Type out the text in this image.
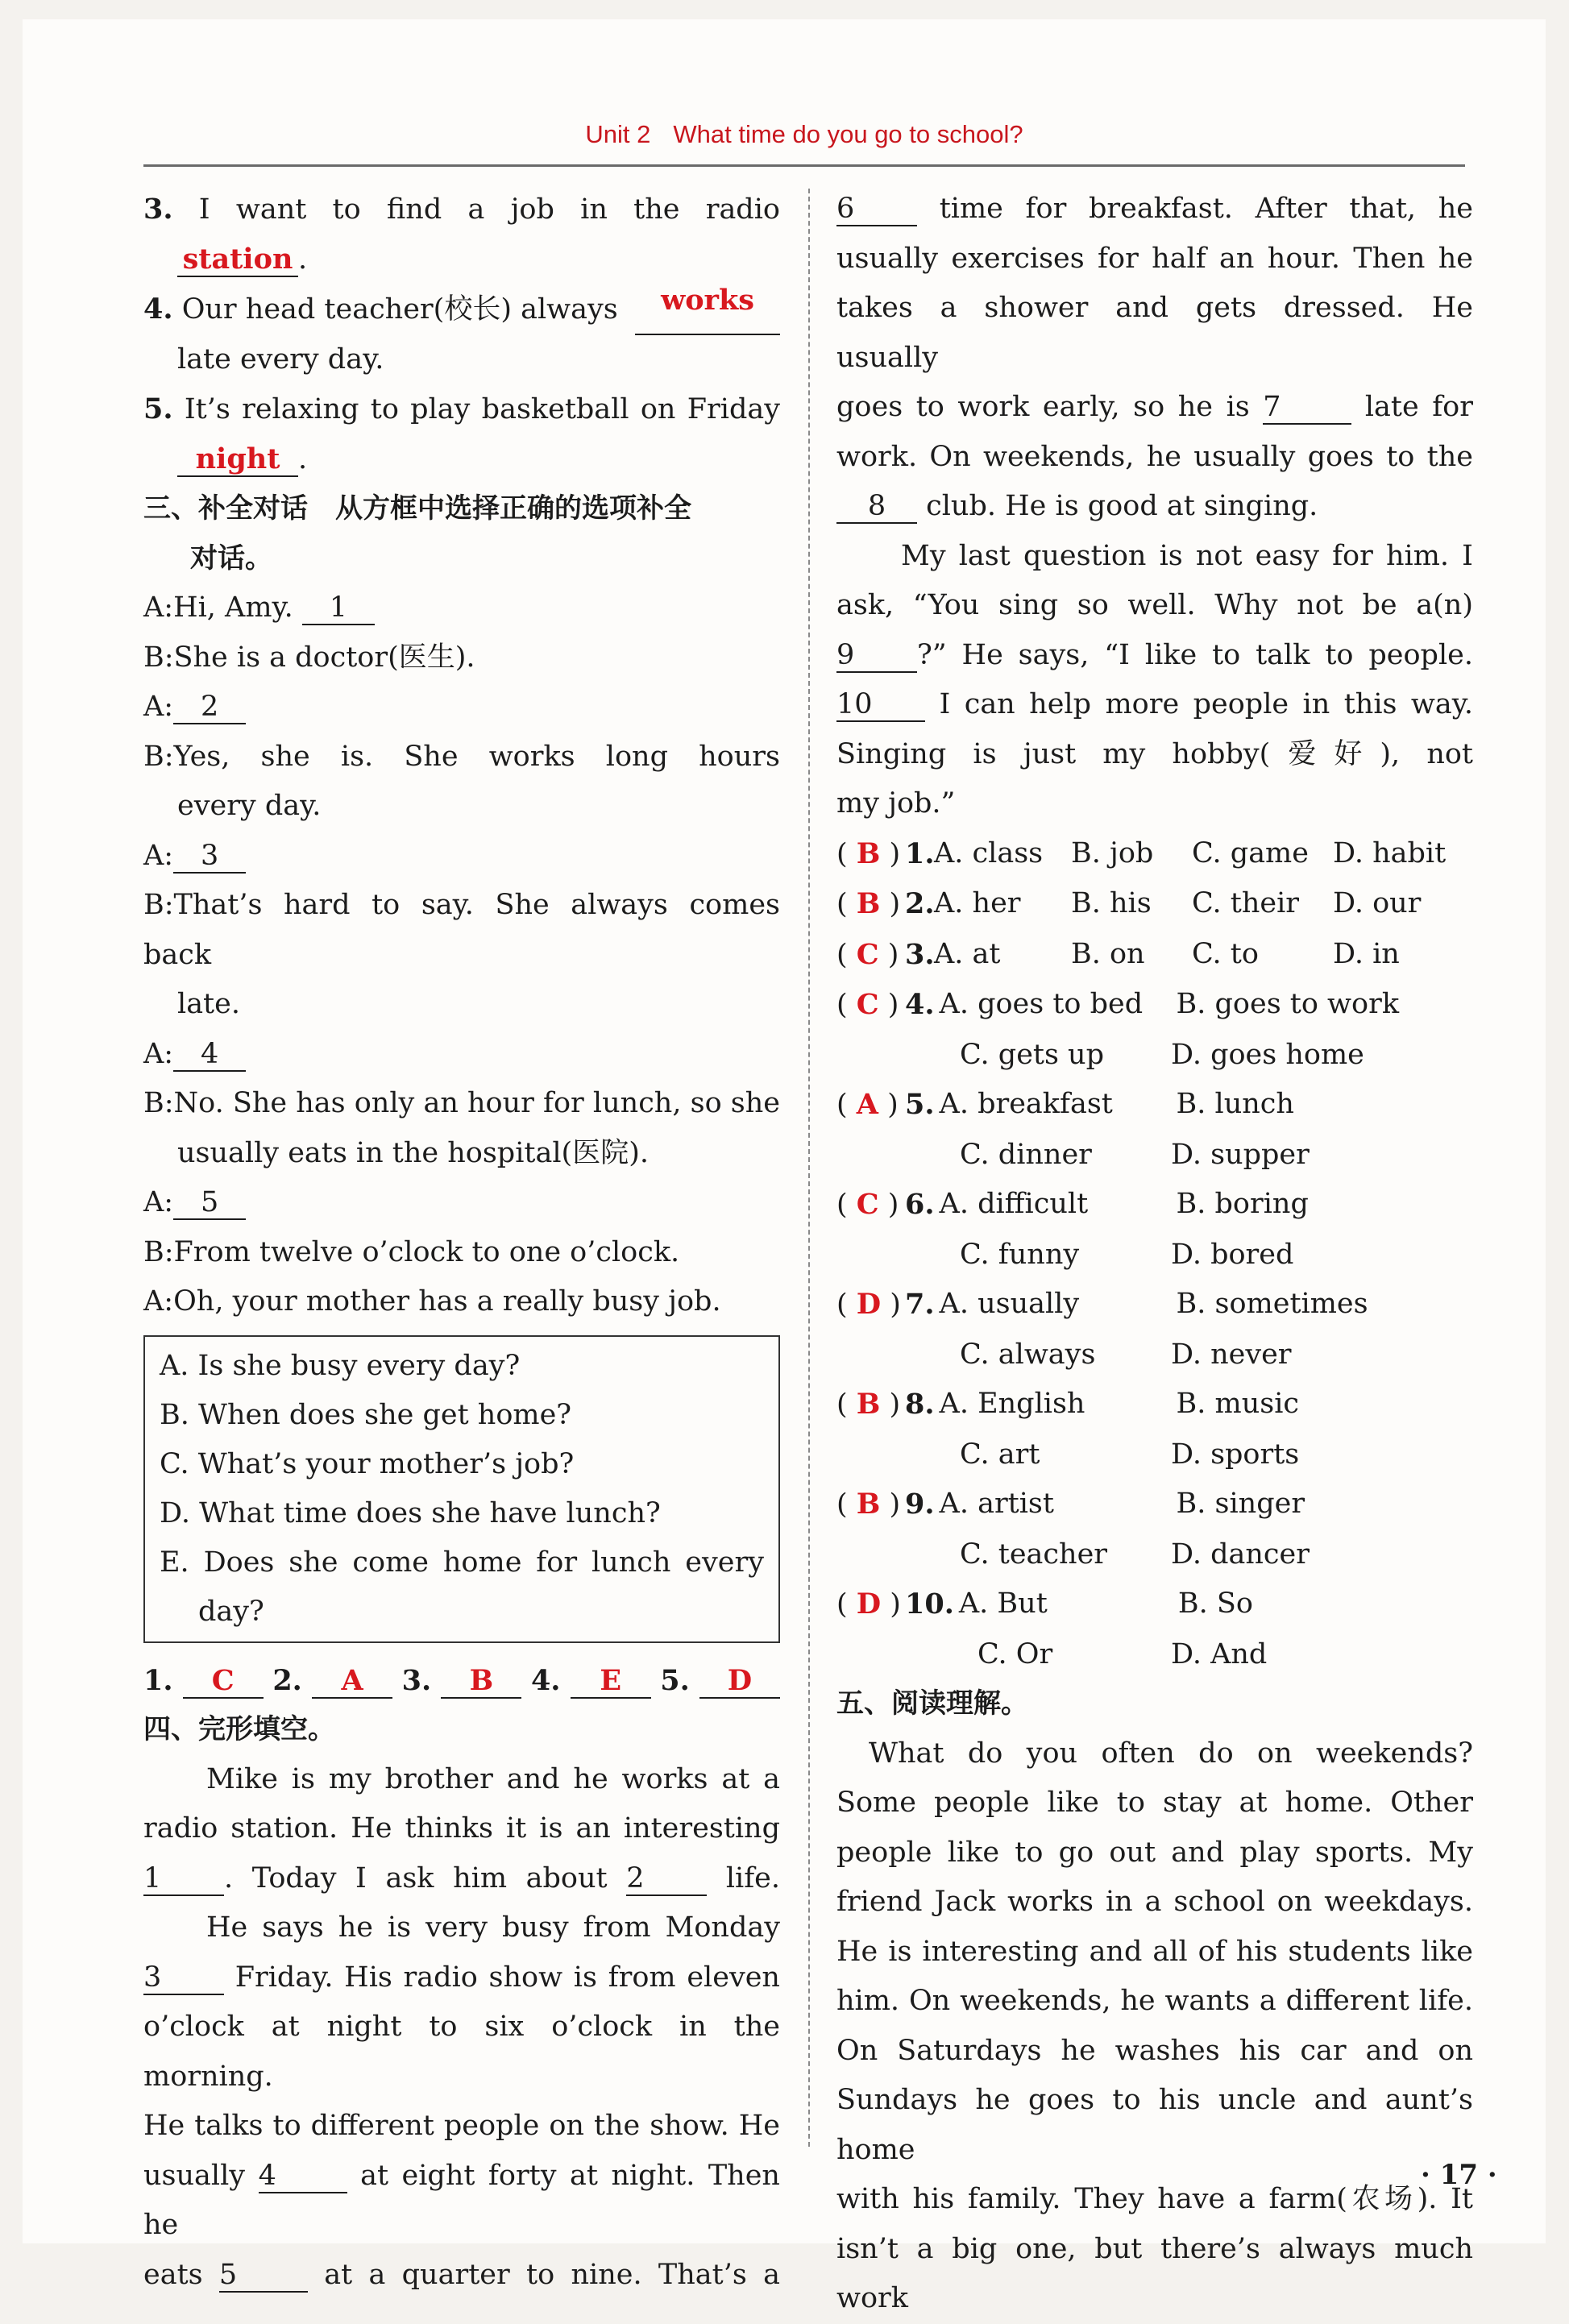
Unit 2 What time do you go to school?
3. I want to find a job in the radio
station .
4. Our head teacher(校长) always	works
late every day.
5. It’s relaxing to play basketball on Friday
night .
三、补全对话　从方框中选择正确的选项补全
对话。
A:Hi, Amy. 1
B:She is a doctor(医生).
A: 2
B:Yes, she is. She works long hours
every day.
A: 3
B:That’s hard to say. She always comes back
late.
A: 4
B:No. She has only an hour for lunch, so she
usually eats in the hospital(医院).
A: 5
B:From twelve o’clock to one o’clock.
A:Oh, your mother has a really busy job.
A. Is she busy every day?
B. When does she get home?
C. What’s your mother’s job?
D. What time does she have lunch?
E. Does she come home for lunch every
day?
1. C	2. A	3. B	4. E	5. D
四、完形填空。
Mike is my brother and he works at a
radio station. He thinks it is an interesting
1 . Today I ask him about 2	life.
He says he is very busy from Monday
3	Friday. His radio show is from eleven
o’clock at night to six o’clock in the morning.
He talks to different people on the show. He
usually 4	at eight forty at night. Then he
eats 5	at a quarter to nine. That’s a
6	time for breakfast. After that, he
usually exercises for half an hour. Then he
takes a shower and gets dressed. He usually
goes to work early, so he is 7	late for
work. On weekends, he usually goes to the
8 club. He is good at singing.
My last question is not easy for him. I
ask, “You sing so well. Why not be a(n)
9 ?” He says, “I like to talk to people.
10 I can help more people in this way.
Singing is just my hobby(爱好), not
my job.”
( B ) 1. A. class B. job	C. game D. habit
( B ) 2. A. her	B. his	C. their	D. our
( C ) 3. A. at	B. on	C. to	D. in
( C ) 4. A. goes to bed	B. goes to work
C. gets up	D. goes home
( A ) 5. A. breakfast	B. lunch
C. dinner	D. supper
( C ) 6. A. difficult	B. boring
C. funny	D. bored
( D ) 7. A. usually	B. sometimes
C. always	D. never
( B ) 8. A. English	B. music
C. art	D. sports
( B ) 9. A. artist	B. singer
C. teacher	D. dancer
( D ) 10. A. But	B. So
C. Or	D. And
五、阅读理解。
What do you often do on weekends?
Some people like to stay at home. Other
people like to go out and play sports. My
friend Jack works in a school on weekdays.
He is interesting and all of his students like
him. On weekends, he wants a different life.
On Saturdays he washes his car and on
Sundays he goes to his uncle and aunt’s home
with his family. They have a farm(农场). It
isn’t a big one, but there’s always much work
· 17 ·
